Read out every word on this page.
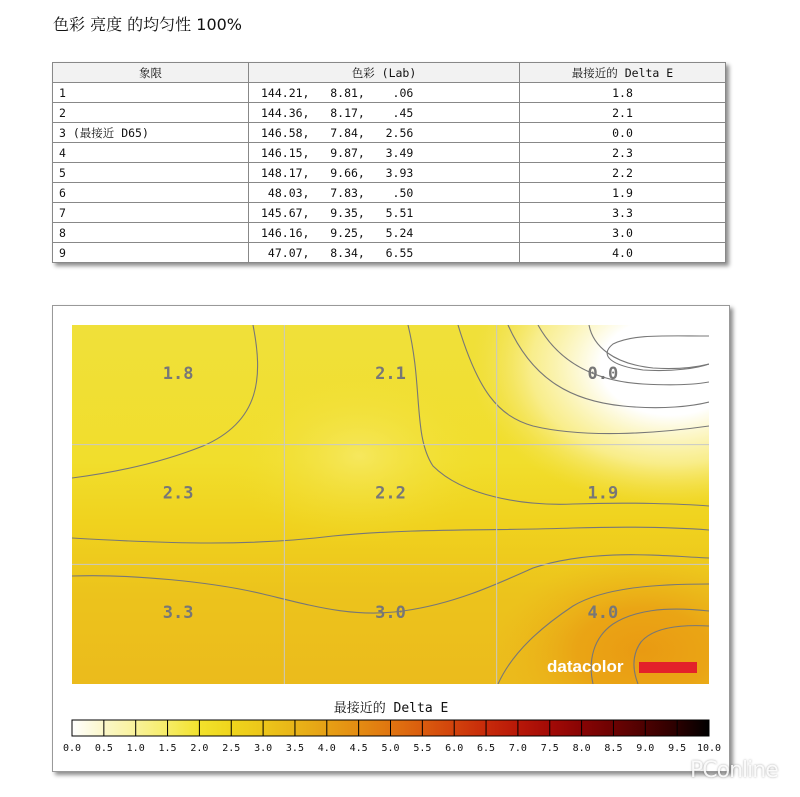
色彩 亮度 的均匀性 100%
象限	色彩 (Lab)	最接近的 Delta E
1	144.21,   8.81,    .06	1.8
2	144.36,   8.17,    .45	2.1
3 (最接近 D65)	146.58,   7.84,   2.56	0.0
4	146.15,   9.87,   3.49	2.3
5	148.17,   9.66,   3.93	2.2
6	48.03,   7.83,    .50	1.9
7	145.67,   9.35,   5.51	3.3
8	146.16,   9.25,   5.24	3.0
9	47.07,   8.34,   6.55	4.0
1.8	2.1	0.0
2.3	2.2	1.9
3.3	3.0	4.0
datacolor
最接近的 Delta E
0.0 0.5 1.0 1.5 2.0 2.5 3.0 3.5 4.0 4.5 5.0 5.5 6.0 6.5 7.0 7.5 8.0 8.5 9.0 9.5 10.0
PConline
